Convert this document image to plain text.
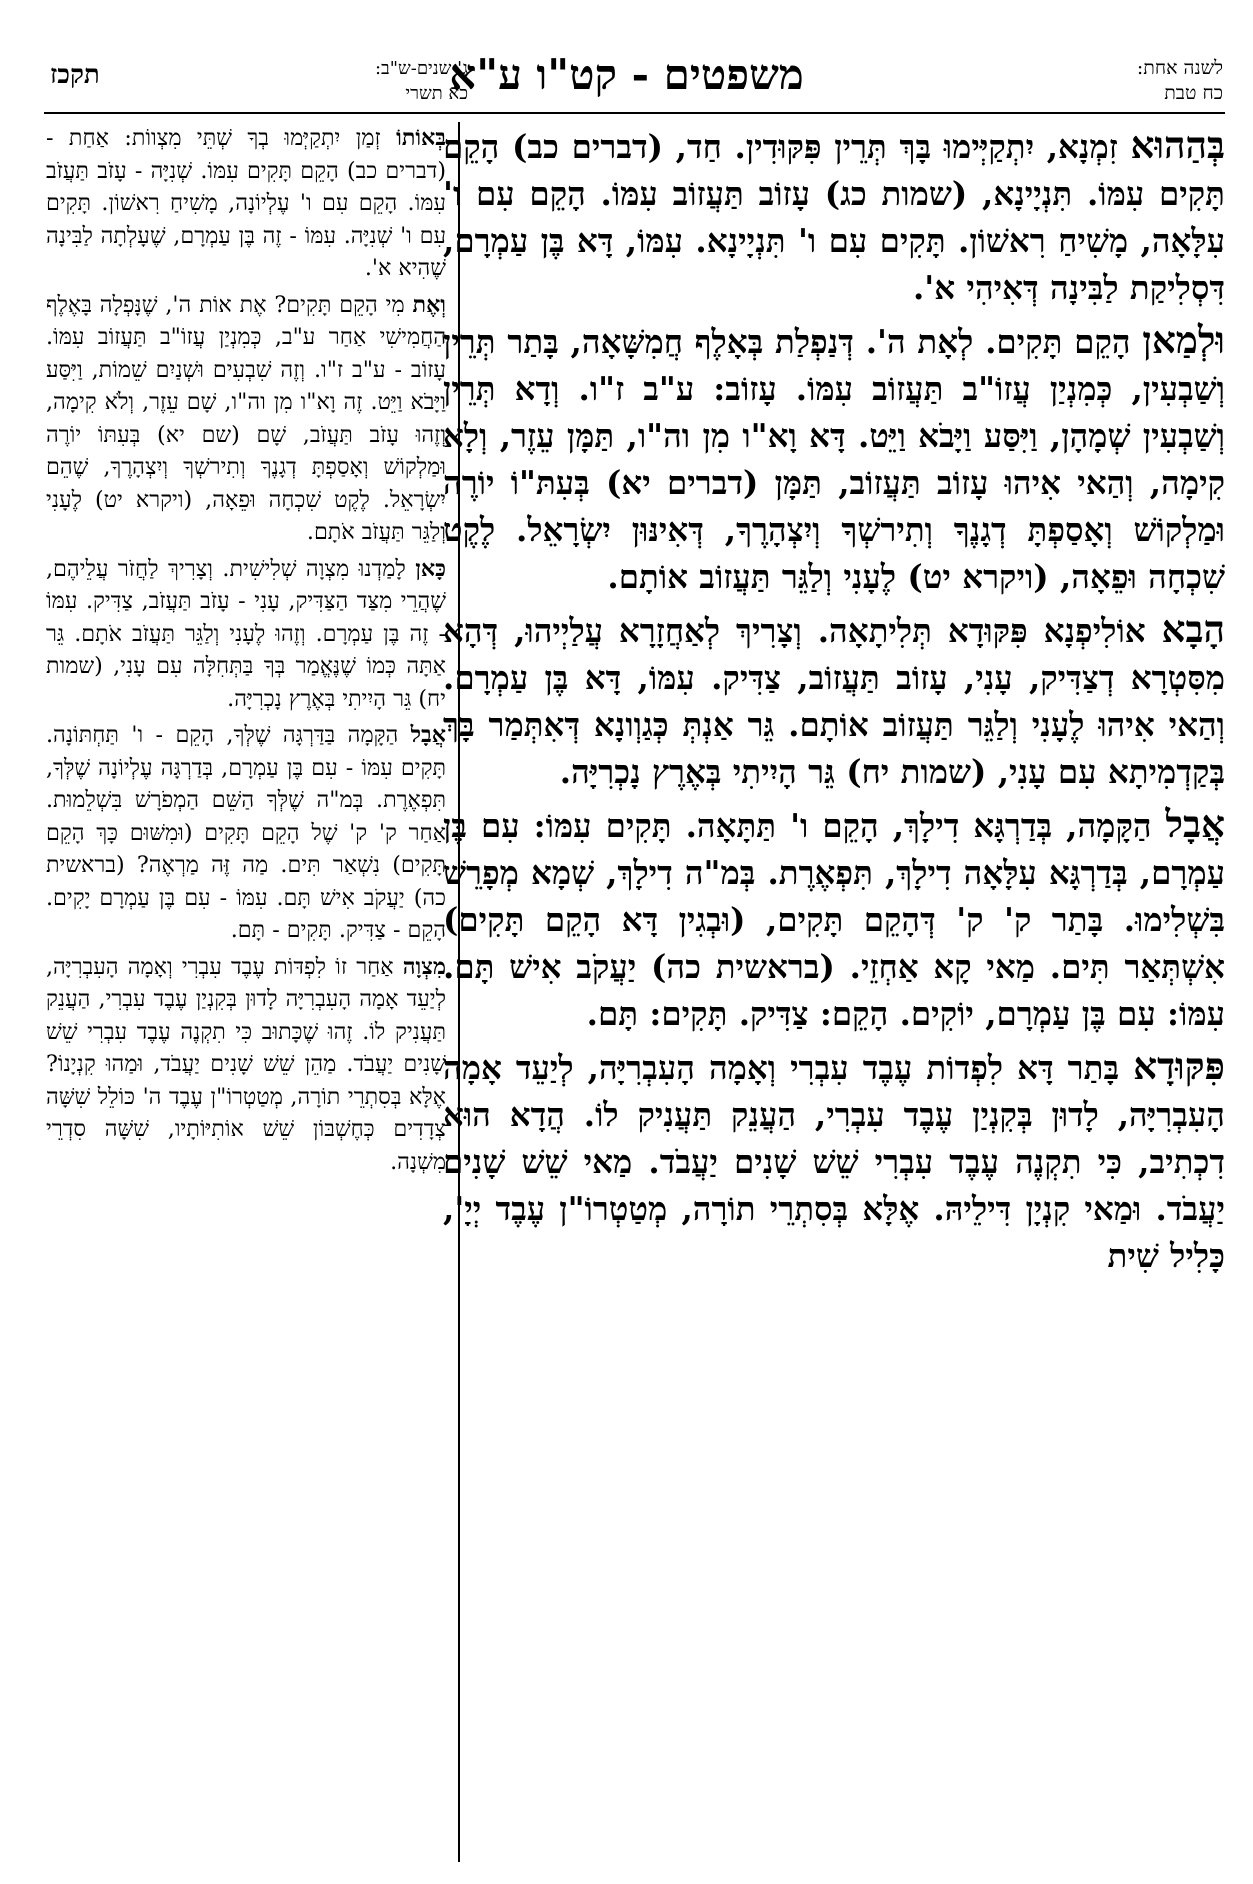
לשנה אחת:
כח טבת
משפטים - קט"ו ע"א
ג' שנים-ש"ב:
כא תשרי
תקכז

בְּהַהוּא זִמְנָא, יִתְקַיְּימוּ בָּךְ תְּרֵין פִּקּוּדִין. חַד, (דברים כב) הָקֵם תָּקִים עִמּוֹ. תִּנְיָינָא, (שמות כג) עָזוֹב תַּעֲזוֹב עִמּוֹ. הָקֵם עִם ו' עִלָּאָה, מָשִׁיחַ רִאשׁוֹן. תָּקִים עִם ו' תִּנְיָינָא. עִמּוֹ, דָּא בֶּן עַמְרָם, דִּסְלִיקַת לַבִּינָה דְּאִיהִי א'.

וּלְמַאן הָקֵם תָּקִים. לְאָת ה'. דְּנַפְלַת בְּאָלֶף חֲמִשָּׁאָה, בָּתַר תְּרֵין וְשַׁבְעִין, כְּמִנְיַן עֲזוֹ"ב תַּעֲזוֹב עִמּוֹ. עָזוֹב: ע"ב ז"ו. וְדָא תְּרֵין וְשַׁבְעִין שְׁמָהָן, וַיִּסַּע וַיָּבֹא וַיֵּט. דָּא וָא"ו מִן וה"ו, תַּמָּן עֵזֶר, וְלָא קִימָה, וְהַאי אִיהוּ עָזוֹב תַּעֲזוֹב, תַּמָּן (דברים יא) בְּעִתּ"וֹ יוֹרֶה וּמַלְקוֹשׁ וְאָסַפְתָּ דְגָנֶךָ וְתִירשְׁךָ וְיִצְהָרֶךָ, דְּאִינּוּן יִשְׂרָאֵל. לֶקֶט שִׁכְחָה וּפֵאָה, (ויקרא יט) לֶעָנִי וְלַגֵּר תַּעֲזוֹב אוֹתָם.

הָבָא אוֹלִיפְנָא פִּקּוּדָא תְּלִיתָאָה. וְצָרִיךְ לְאַחֲזָרָא עֲלַיְיהוּ, דְּהָא מִסִּטְרָא דְצַדִּיק, עָנִי, עָזוֹב תַּעֲזוֹב, צַדִּיק. עִמּוֹ, דָּא בֶּן עַמְרָם. וְהַאי אִיהוּ לֶעָנִי וְלַגֵּר תַּעֲזוֹב אוֹתָם. גֵּר אַנְתְּ כְּגַוְונָא דְּאִתְּמַר בָּךְ בְּקַדְמִיתָא עִם עָנִי, (שמות יח) גֵּר הָיִיתִי בְּאֶרֶץ נָכְרִיָּה.

אֲבָל הַקָּמָה, בְּדַרְגָּא דִילָךְ, הָקֵם ו' תַּתָּאָה. תָּקִים עִמּוֹ: עִם בֶּן עַמְרָם, בְּדַרְגָּא עִלָּאָה דִילָךְ, תִּפְאֶרֶת. בְּמ"ה דִילָךְ, שְׁמָא מְפָרֵשׁ בִּשְׁלִימוּ. בָּתַר ק' ק' דְּהָקֵם תָּקִים, (וּבְגִין דָּא הָקֵם תָּקִים) אִשְׁתְּאַר תִּים. מַאי קָא אַחְזֵי. (בראשית כה) יַעֲקֹב אִישׁ תָּם. עִמּוֹ: עִם בֶּן עַמְרָם, יוֹקִים. הָקֵם: צַדִּיק. תָּקִים: תָּם.

פִּקּוּדָא בָּתַר דָּא לִפְדוֹת עֶבֶד עִבְרִי וְאָמָה הָעִבְרִיָּה, לְיַעֵד אָמָה הָעִבְרִיָּה, לָדוּן בְּקִנְיַן עֶבֶד עִבְרִי, הַעֲנֵק תַּעֲנִיק לוֹ. הֲדָא הוּא דִכְתִיב, כִּי תִקְנֶה עֶבֶד עִבְרִי שֵׁשׁ שָׁנִים יַעֲבֹד. מַאי שֵׁשׁ שָׁנִים יַעֲבֹד. וּמַאי קִנְיָן דִּילֵיהּ. אֶלָּא בְּסִתְרֵי תוֹרָה, מְטַטְרוֹ"ן עֶבֶד יְיָ', כָּלִיל שִׁית

בְּאוֹתוֹ זְמַן יִתְקַיְּמוּ בְךָ שְׁתֵּי מִצְווֹת: אַחַת - (דברים כב) הָקֵם תָּקִים עִמּוֹ. שְׁנִיָּה - עָזֹב תַּעֲזֹב עִמּוֹ. הָקֵם עִם ו' עֶלְיוֹנָה, מָשִׁיחַ רִאשׁוֹן. תָּקִים עִם ו' שְׁנִיָּה. עִמּוֹ - זֶה בֶּן עַמְרָם, שֶׁעָלְתָה לַבִּינָה שֶׁהִיא א'.

וְאֶת מִי הָקֵם תָּקִים? אֶת אוֹת ה', שֶׁנָּפְלָה בָּאֶלֶף הַחֲמִישִׁי אַחַר ע"ב, כְּמִנְיַן עֲזוֹ"ב תַּעֲזוֹב עִמּוֹ. עָזוֹב - ע"ב ז"ו. וְזֶה שִׁבְעִים וּשְׁנַיִם שֵׁמוֹת, וַיִּסַּע וַיָּבֹא וַיֵּט. זֶה וָא"ו מִן וה"ו, שָׁם עֵזֶר, וְלֹא קִימָה, וְזֶהוּ עָזֹב תַּעֲזֹב, שָׁם (שם יא) בְּעִתּוֹ יוֹרֶה וּמַלְקוֹשׁ וְאָסַפְתָּ דְגָנֶךָ וְתִירשְׁךָ וְיִצְהָרֶךָ, שֶׁהֵם יִשְׂרָאֵל. לֶקֶט שִׁכְחָה וּפֵאָה, (ויקרא יט) לֶעָנִי וְלַגֵּר תַּעֲזֹב אֹתָם.

כָּאן לָמַדְנוּ מִצְוָה שְׁלִישִׁית. וְצָרִיךְ לַחֲזֹר עֲלֵיהֶם, שֶׁהֲרֵי מִצַּד הַצַּדִּיק, עָנִי - עָזֹב תַּעֲזֹב, צַדִּיק. עִמּוֹ - זֶה בֶּן עַמְרָם. וְזֶהוּ לֶעָנִי וְלַגֵּר תַּעֲזֹב אֹתָם. גֵּר אַתָּה כְּמוֹ שֶׁנֶּאֱמַר בְּךָ בַּתְּחִלָּה עִם עָנִי, (שמות יח) גֵּר הָיִיתִי בְּאֶרֶץ נָכְרִיָּה.

אֲבָל הַקָּמָה בַּדַּרְגָּה שֶׁלְּךָ, הָקֵם - ו' תַּחְתּוֹנָה. תָּקִים עִמּוֹ - עִם בֶּן עַמְרָם, בְּדַרְגָּה עֶלְיוֹנָה שֶׁלְּךָ, תִּפְאֶרֶת. בְּמ"ה שֶׁלְּךָ הַשֵּׁם הַמְפֹרָשׁ בִּשְׁלֵמוּת. אַחַר ק' ק' שֶׁל הָקֵם תָּקִים (וּמִשּׁוּם כָּךְ הָקֵם תָּקִים) נִשְׁאַר תִּים. מַה זֶּה מַרְאֶה? (בראשית כה) יַעֲקֹב אִישׁ תָּם. עִמּוֹ - עִם בֶּן עַמְרָם יָקִים. הָקֵם - צַדִּיק. תָּקִים - תָּם.

מִצְוָה אַחַר זוֹ לִפְדּוֹת עֶבֶד עִבְרִי וְאָמָה הָעִבְרִיָּה, לְיַעֵד אָמָה הָעִבְרִיָּה לָדוּן בְּקִנְיַן עֶבֶד עִבְרִי, הַעֲנֵק תַּעֲנִיק לוֹ. זֶהוּ שֶׁכָּתוּב כִּי תִקְנֶה עֶבֶד עִבְרִי שֵׁשׁ שָׁנִים יַעֲבֹד. מַהֵן שֵׁשׁ שָׁנִים יַעֲבֹד, וּמַהוּ קִנְיָנוֹ? אֶלָּא בְּסִתְרֵי תוֹרָה, מְטַטְרוֹ"ן עֶבֶד ה' כּוֹלֵל שִׁשָּׁה צְדָדִים כְּחֶשְׁבּוֹן שֵׁשׁ אוֹתִיּוֹתָיו, שִׁשָּׁה סִדְרֵי מִשְׁנָה.
